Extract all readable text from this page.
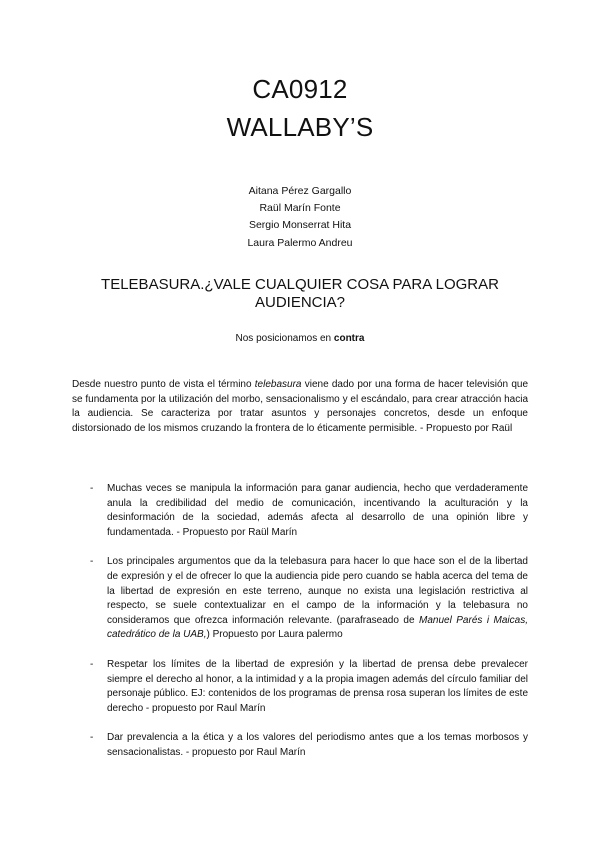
CA0912
WALLABY’S
Aitana Pérez Gargallo
Raül Marín Fonte
Sergio Monserrat Hita
Laura Palermo Andreu
TELEBASURA.¿VALE CUALQUIER COSA PARA LOGRAR AUDIENCIA?
Nos posicionamos en contra

Desde nuestro punto de vista el término telebasura viene dado por una forma de hacer televisión que se fundamenta por la utilización del morbo, sensacionalismo y el escándalo, para crear atracción hacia la audiencia. Se caracteriza por tratar asuntos y personajes concretos, desde un enfoque distorsionado de los mismos cruzando la frontera de lo éticamente permisible. - Propuesto por Raül

- Muchas veces se manipula la información para ganar audiencia, hecho que verdaderamente anula la credibilidad del medio de comunicación, incentivando la aculturación y la desinformación de la sociedad, además afecta al desarrollo de una opinión libre y fundamentada. - Propuesto por Raül Marín
- Los principales argumentos que da la telebasura para hacer lo que hace son el de la libertad de expresión y el de ofrecer lo que la audiencia pide pero cuando se habla acerca del tema de la libertad de expresión en este terreno, aunque no exista una legislación restrictiva al respecto, se suele contextualizar en el campo de la información y la telebasura no consideramos que ofrezca información relevante. (parafraseado de Manuel Parés i Maicas, catedrático de la UAB,) Propuesto por Laura palermo
- Respetar los límites de la libertad de expresión y la libertad de prensa debe prevalecer siempre el derecho al honor, a la intimidad y a la propia imagen además del círculo familiar del personaje público. EJ: contenidos de los programas de prensa rosa superan los límites de este derecho - propuesto por Raul Marín
- Dar prevalencia a la ética y a los valores del periodismo antes que a los temas morbosos y sensacionalistas. - propuesto por Raul Marín
